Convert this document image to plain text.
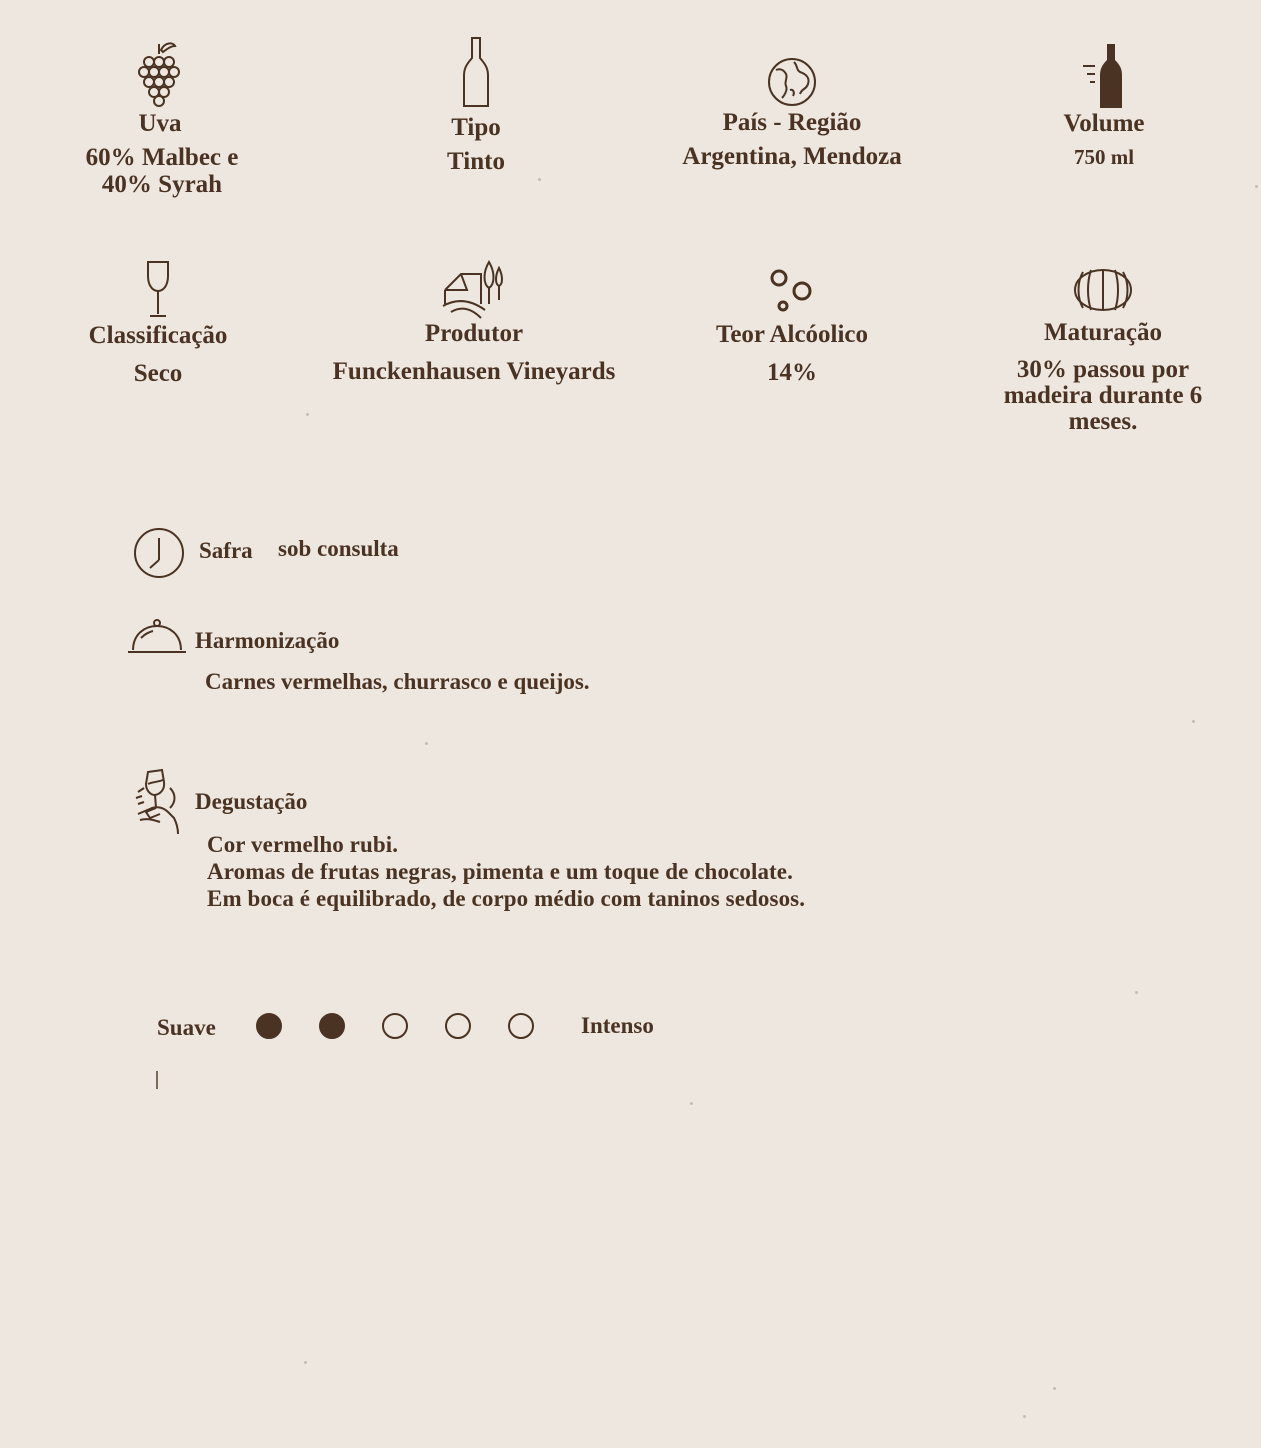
Uva
60% Malbec e 40% Syrah
Tipo
Tinto
País - Região
Argentina, Mendoza
Volume
750 ml
Classificação
Seco
Produtor
Funckenhausen Vineyards
Teor Alcóolico
14%
Maturação
30% passou por madeira durante 6 meses.
Safra sob consulta
Harmonização
Carnes vermelhas, churrasco e queijos.
Degustação
Cor vermelho rubi.
Aromas de frutas negras, pimenta e um toque de chocolate.
Em boca é equilibrado, de corpo médio com taninos sedosos.
Suave	Intenso
